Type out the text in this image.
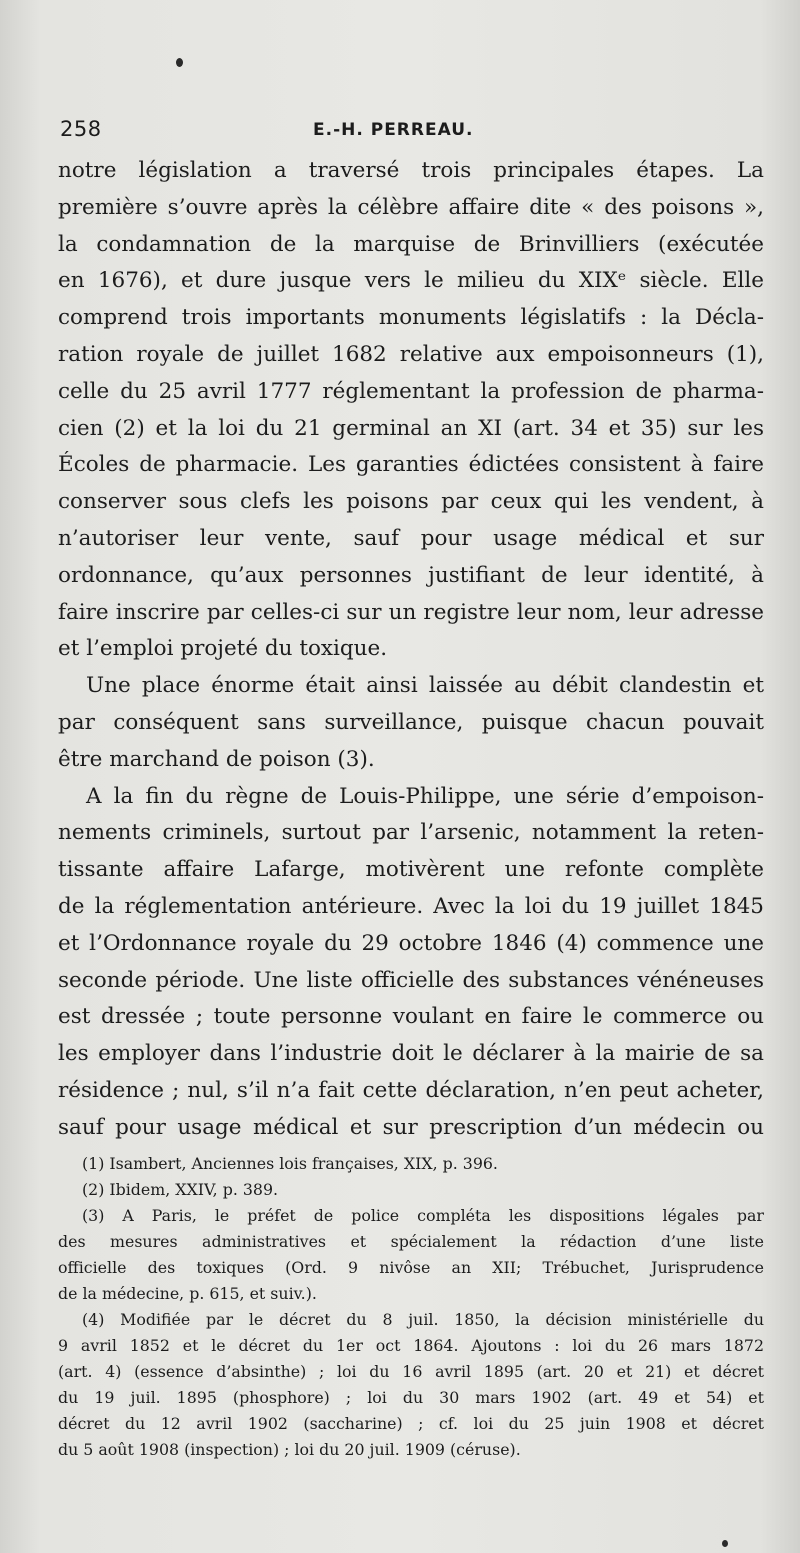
258	E.-H. PERREAU.
notre législation a traversé trois principales étapes. La
première s’ouvre après la célèbre affaire dite « des poisons »,
la condamnation de la marquise de Brinvilliers (exécutée
en 1676), et dure jusque vers le milieu du XIXᵉ siècle. Elle
comprend trois importants monuments législatifs : la Décla-
ration royale de juillet 1682 relative aux empoisonneurs (1),
celle du 25 avril 1777 réglementant la profession de pharma-
cien (2) et la loi du 21 germinal an XI (art. 34 et 35) sur les
Écoles de pharmacie. Les garanties édictées consistent à faire
conserver sous clefs les poisons par ceux qui les vendent, à
n’autoriser leur vente, sauf pour usage médical et sur
ordonnance, qu’aux personnes justifiant de leur identité, à
faire inscrire par celles-ci sur un registre leur nom, leur adresse
et l’emploi projeté du toxique.
Une place énorme était ainsi laissée au débit clandestin et
par conséquent sans surveillance, puisque chacun pouvait
être marchand de poison (3).
A la fin du règne de Louis-Philippe, une série d’empoison-
nements criminels, surtout par l’arsenic, notamment la reten-
tissante affaire Lafarge, motivèrent une refonte complète
de la réglementation antérieure. Avec la loi du 19 juillet 1845
et l’Ordonnance royale du 29 octobre 1846 (4) commence une
seconde période. Une liste officielle des substances vénéneuses
est dressée ; toute personne voulant en faire le commerce ou
les employer dans l’industrie doit le déclarer à la mairie de sa
résidence ; nul, s’il n’a fait cette déclaration, n’en peut acheter,
sauf pour usage médical et sur prescription d’un médecin ou
(1) Isambert, Anciennes lois françaises, XIX, p. 396.
(2) Ibidem, XXIV, p. 389.
(3) A Paris, le préfet de police compléta les dispositions légales par
des mesures administratives et spécialement la rédaction d’une liste
officielle des toxiques (Ord. 9 nivôse an XII; Trébuchet, Jurisprudence
de la médecine, p. 615, et suiv.).
(4) Modifiée par le décret du 8 juil. 1850, la décision ministérielle du
9 avril 1852 et le décret du 1er oct 1864. Ajoutons : loi du 26 mars 1872
(art. 4) (essence d’absinthe) ; loi du 16 avril 1895 (art. 20 et 21) et décret
du 19 juil. 1895 (phosphore) ; loi du 30 mars 1902 (art. 49 et 54) et
décret du 12 avril 1902 (saccharine) ; cf. loi du 25 juin 1908 et décret
du 5 août 1908 (inspection) ; loi du 20 juil. 1909 (céruse).
